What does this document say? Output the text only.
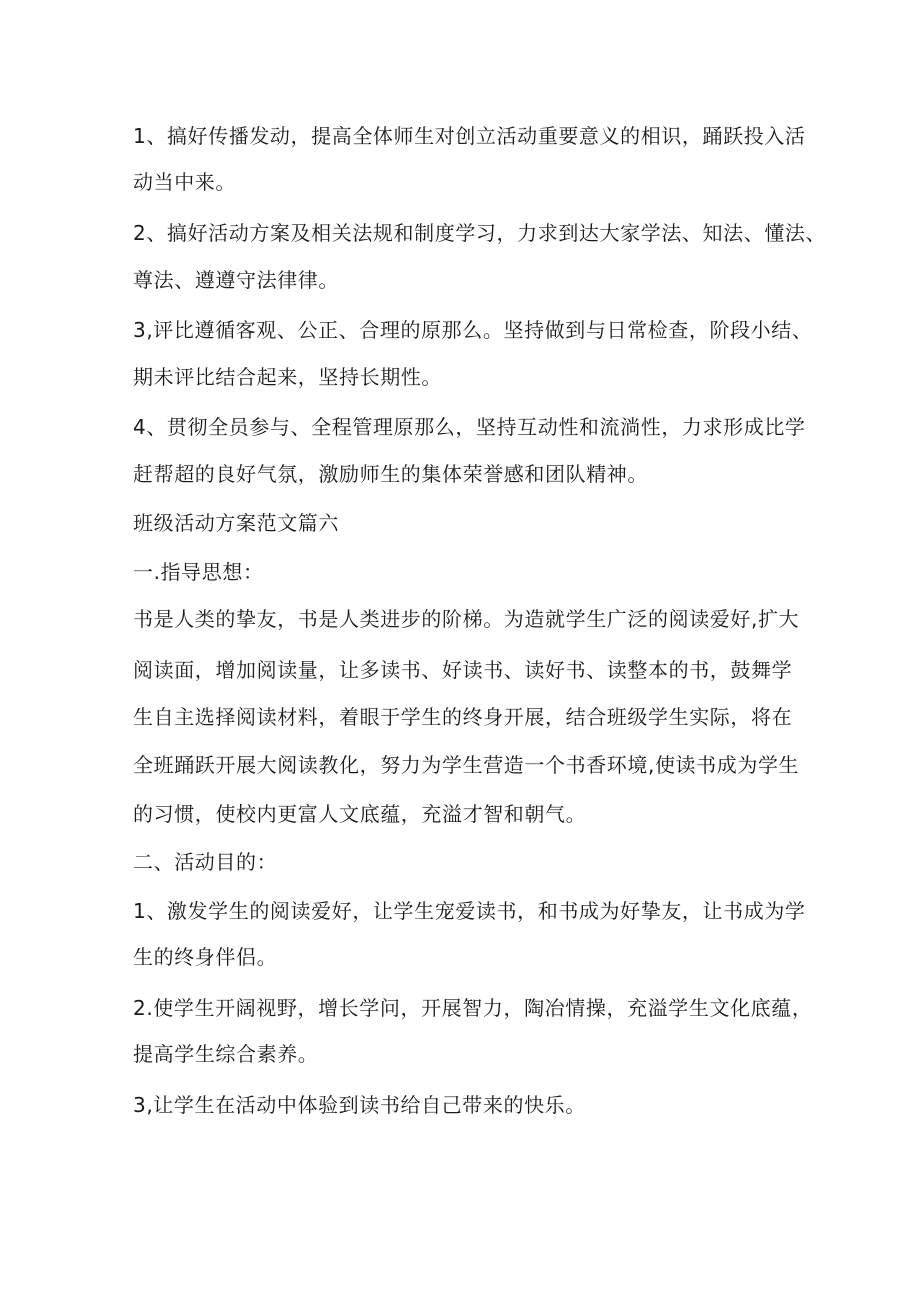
1、搞好传播发动，提高全体师生对创立活动重要意义的相识，踊跃投入活
动当中来。
2、搞好活动方案及相关法规和制度学习，力求到达大家学法、知法、懂法、
尊法、遵遵守法律律。
3,评比遵循客观、公正、合理的原那么。坚持做到与日常检查，阶段小结、
期未评比结合起来，坚持长期性。
4、贯彻全员参与、全程管理原那么，坚持互动性和流淌性，力求形成比学
赶帮超的良好气氛，激励师生的集体荣誉感和团队精神。
班级活动方案范文篇六
一.指导思想：
书是人类的挚友，书是人类进步的阶梯。为造就学生广泛的阅读爱好,扩大
阅读面，增加阅读量，让多读书、好读书、读好书、读整本的书，鼓舞学
生自主选择阅读材料，着眼于学生的终身开展，结合班级学生实际，将在
全班踊跃开展大阅读教化，努力为学生营造一个书香环境,使读书成为学生
的习惯，使校内更富人文底蕴，充溢才智和朝气。
二、活动目的：
1、激发学生的阅读爱好，让学生宠爱读书，和书成为好挚友，让书成为学
生的终身伴侣。
2.使学生开阔视野，增长学问，开展智力，陶冶情操，充溢学生文化底蕴，
提高学生综合素养。
3,让学生在活动中体验到读书给自己带来的快乐。
